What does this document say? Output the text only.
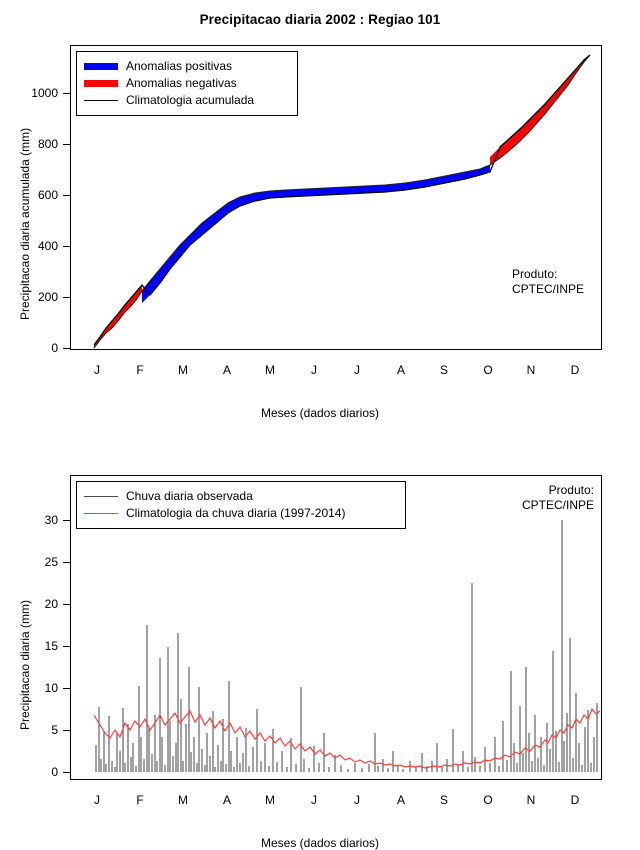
Precipitacao diaria 2002 : Regiao 101
Precipitacao diaria acumulada (mm)
Meses (dados diarios)
0
200
400
600
800
1000
J	F	M	A	M	J	J	A	S	O	N	D
Anomalias positivas
Anomalias negativas
Climatologia acumulada
Produto:
CPTEC/INPE
Precipitacao diaria (mm)
Meses (dados diarios)
0
5
10
15
20
25
30
J	F	M	A	M	J	J	A	S	O	N	D
Chuva diaria observada
Climatologia da chuva diaria (1997-2014)
Produto:
CPTEC/INPE
